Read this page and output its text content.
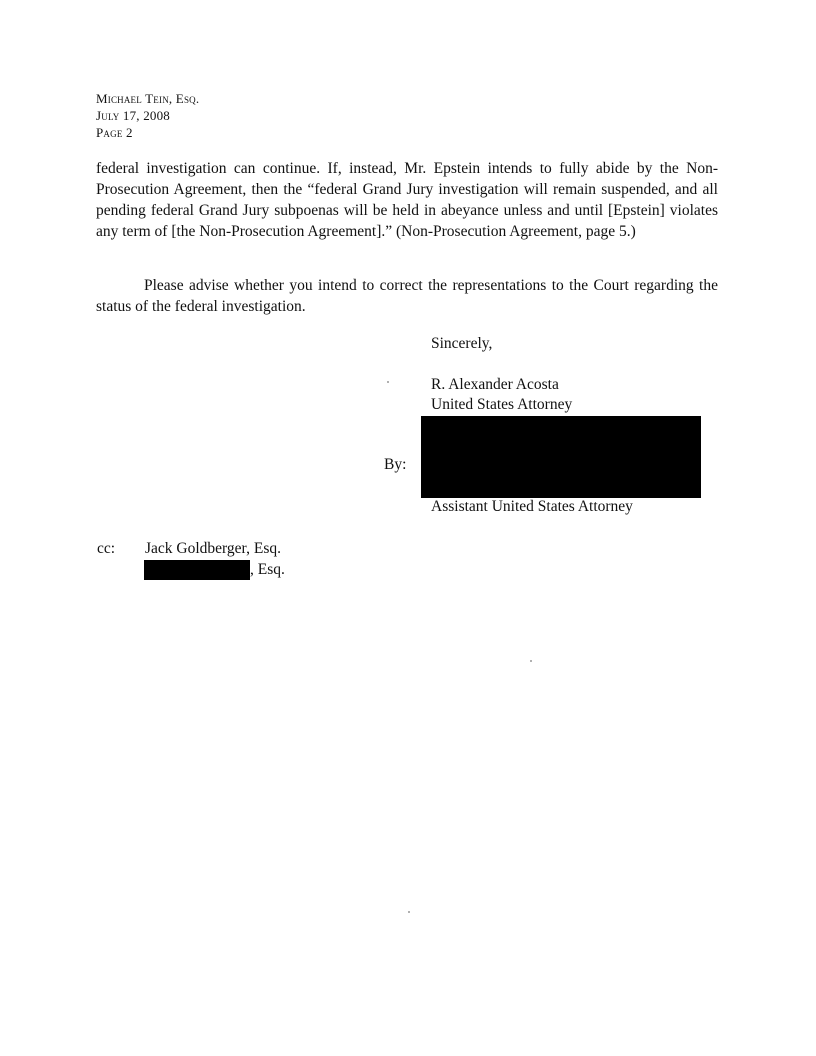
Michael Tein, Esq.
July 17, 2008
Page 2
federal investigation can continue. If, instead, Mr. Epstein intends to fully abide by the Non-Prosecution Agreement, then the “federal Grand Jury investigation will remain suspended, and all pending federal Grand Jury subpoenas will be held in abeyance unless and until [Epstein] violates any term of [the Non-Prosecution Agreement].” (Non-Prosecution Agreement, page 5.)
Please advise whether you intend to correct the representations to the Court regarding the status of the federal investigation.
Sincerely,
R. Alexander Acosta
United States Attorney
By:
Assistant United States Attorney
cc: Jack Goldberger, Esq.
, Esq.
